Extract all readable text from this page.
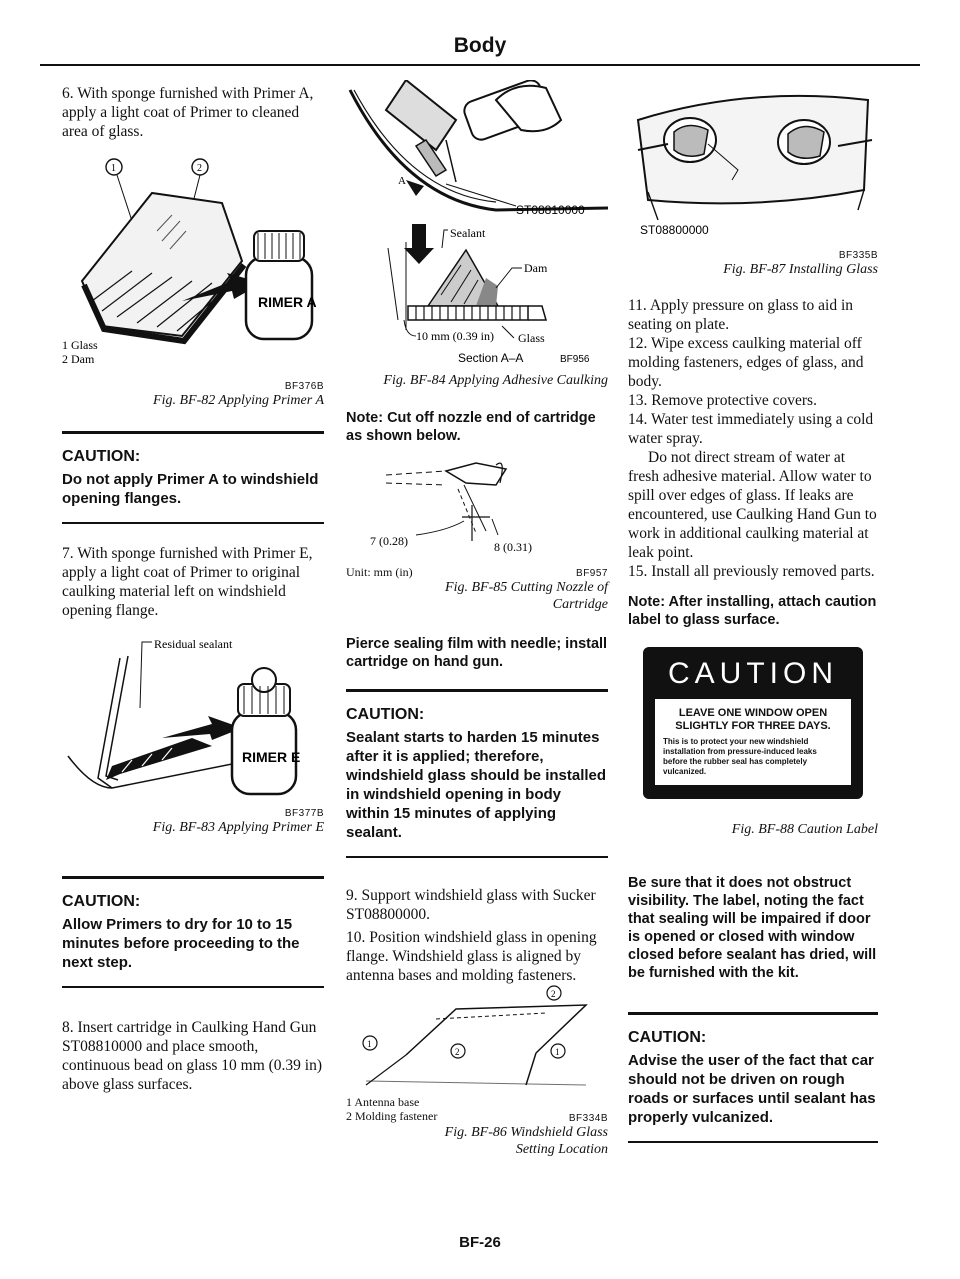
Body

6. With sponge furnished with Primer A, apply a light coat of Primer to cleaned area of glass.

1	2
RIMER A
1 Glass
2 Dam
BF376B

Fig. BF-82 Applying Primer A

CAUTION:
Do not apply Primer A to windshield opening flanges.

7. With sponge furnished with Primer E, apply a light coat of Primer to original caulking material left on windshield opening flange.

Residual sealant
RIMER E
BF377B

Fig. BF-83 Applying Primer E

CAUTION:
Allow Primers to dry for 10 to 15 minutes before proceeding to the next step.

8. Insert cartridge in Caulking Hand Gun ST08810000 and place smooth, continuous bead on glass 10 mm (0.39 in) above glass surfaces.

A
ST08810000
Sealant
Dam
10 mm (0.39 in) Glass
Section A–A	BF956

Fig. BF-84 Applying Adhesive Caulking

Note: Cut off nozzle end of cartridge as shown below.

7 (0.28)	8 (0.31)
Unit: mm (in)	BF957

Fig. BF-85 Cutting Nozzle of Cartridge

Pierce sealing film with needle; install cartridge on hand gun.

CAUTION:
Sealant starts to harden 15 minutes after it is applied; therefore, windshield glass should be installed in windshield opening in body within 15 minutes of applying sealant.

9. Support windshield glass with Sucker ST08800000.

10. Position windshield glass in opening flange. Windshield glass is aligned by antenna bases and molding fasteners.

2
1
2	1
1 Antenna base
2 Molding fastener	BF334B

Fig. BF-86 Windshield Glass Setting Location

ST08800000
BF335B

Fig. BF-87 Installing Glass

11. Apply pressure on glass to aid in seating on plate.

12. Wipe excess caulking material off molding fasteners, edges of glass, and body.

13. Remove protective covers.

14. Water test immediately using a cold water spray.

Do not direct stream of water at fresh adhesive material. Allow water to spill over edges of glass. If leaks are encountered, use Caulking Hand Gun to work in additional caulking material at leak point.

15. Install all previously removed parts.

Note: After installing, attach caution label to glass surface.

CAUTION
LEAVE ONE WINDOW OPEN SLIGHTLY FOR THREE DAYS.
This is to protect your new windshield installation from pressure-induced leaks before the rubber seal has completely vulcanized.

Fig. BF-88 Caution Label

Be sure that it does not obstruct visibility. The label, noting the fact that sealing will be impaired if door is opened or closed with window closed before sealant has dried, will be furnished with the kit.

CAUTION:
Advise the user of the fact that car should not be driven on rough roads or surfaces until sealant has properly vulcanized.
BF-26
